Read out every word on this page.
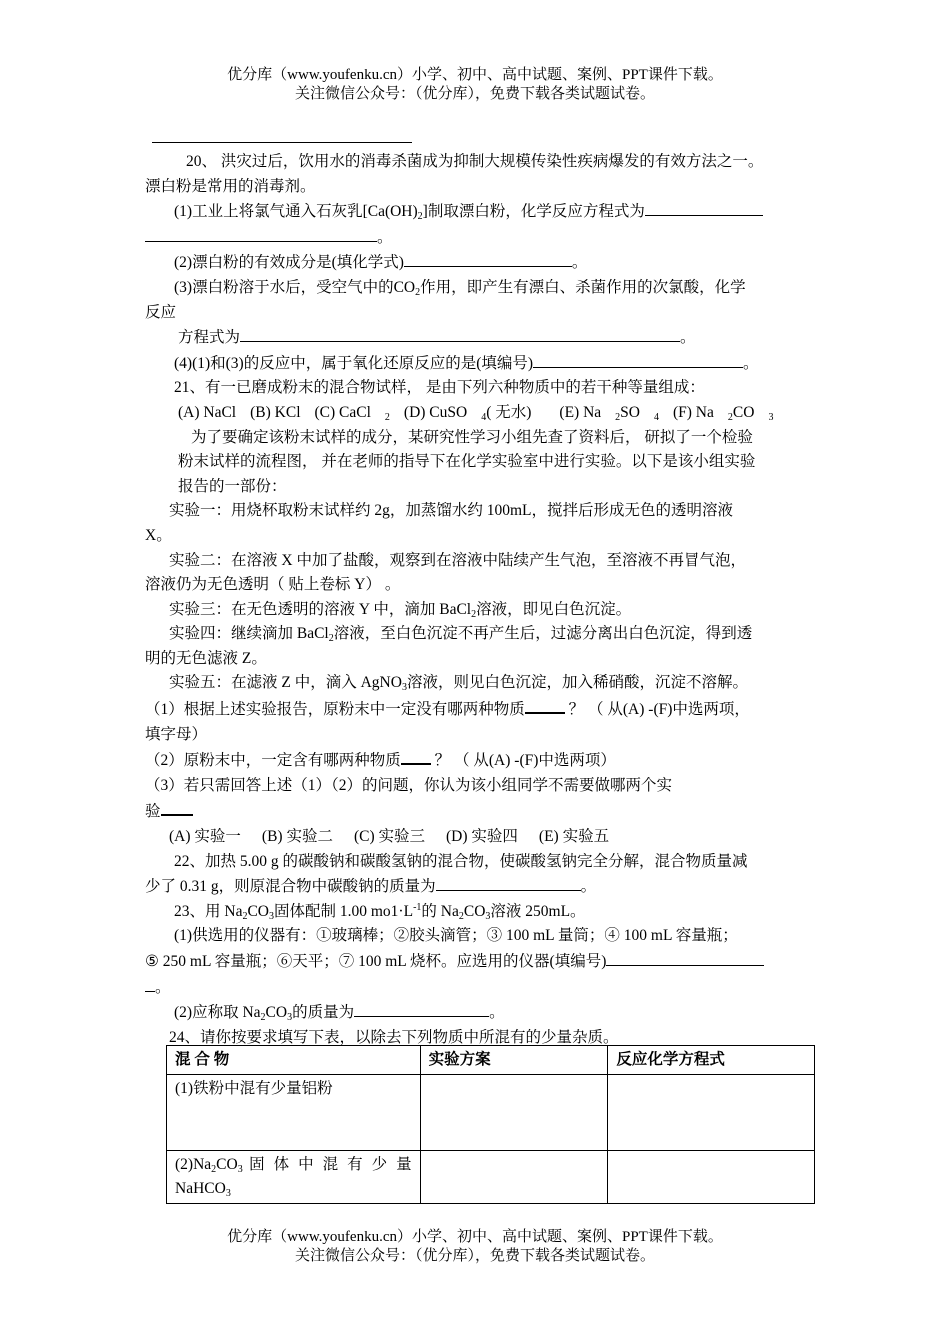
优分库（www.youfenku.cn）小学、初中、高中试题、案例、PPT课件下载。
关注微信公众号：（优分库），免费下载各类试题试卷。

20、 洪灾过后，饮用水的消毒杀菌成为抑制大规模传染性疾病爆发的有效方法之一。

漂白粉是常用的消毒剂。

(1)工业上将氯气通入石灰乳$[Ca(OH)_2]$制取漂白粉，化学反应方程式为

。

(2)漂白粉的有效成分是(填化学式)	。

(3)漂白粉溶于水后，受空气中的$CO_2$作用，即产生有漂白、杀菌作用的次氯酸，化学

反应

方程式为	。

(4)(1)和(3)的反应中，属于氧化还原反应的是(填编号)	。

21、有一已磨成粉末的混合物试样， 是由下列六种物质中的若干种等量组成：

(A) NaCl (B) KCl (C) CaCl $_2$ (D) CuSO $_4$( 无水) (E) Na $_2$SO $_4$ (F) Na $_2$CO $_3$

为了要确定该粉末试样的成分，某研究性学习小组先查了资料后， 研拟了一个检验

粉末试样的流程图， 并在老师的指导下在化学实验室中进行实验。以下是该小组实验

报告的一部份：

实验一：用烧杯取粉末试样约 2g，加蒸馏水约 100mL，搅拌后形成无色的透明溶液

X。

实验二：在溶液 X 中加了盐酸，观察到在溶液中陆续产生气泡，至溶液不再冒气泡，

溶液仍为无色透明（ 贴上卷标 Y） 。

实验三：在无色透明的溶液 Y 中，滴加 BaCl$_2$溶液，即见白色沉淀。

实验四：继续滴加 BaCl$_2$溶液，至白色沉淀不再产生后，过滤分离出白色沉淀，得到透

明的无色滤液 Z。

实验五：在滤液 Z 中，滴入 AgNO$_3$溶液，则见白色沉淀，加入稀硝酸，沉淀不溶解。

（1）根据上述实验报告，原粉末中一定没有哪两种物质	？ （ 从(A) -(F)中选两项，

填字母）

（2）原粉末中，一定含有哪两种物质 ？ （ 从(A) -(F)中选两项）

（3）若只需回答上述（1）（2）的问题，你认为该小组同学不需要做哪两个实

验

(A) 实验一 (B) 实验二 (C) 实验三 (D) 实验四 (E) 实验五

22、加热 5.00 g 的碳酸钠和碳酸氢钠的混合物，使碳酸氢钠完全分解，混合物质量减

少了 0.31 g，则原混合物中碳酸钠的质量为	。

23、用 $Na_2CO_3$固体配制 1.00 $mo1\cdot L^{-1}$的 $Na_2CO_3$溶液 250mL。

(1)供选用的仪器有：①玻璃棒；②胶头滴管；③ 100 mL 量筒；④ 100 mL 容量瓶；

⑤ 250 mL 容量瓶；⑥天平；⑦ 100 mL 烧杯。应选用的仪器(填编号)

。

(2)应称取 $Na_2CO_3$的质量为	。

24、请你按要求填写下表，以除去下列物质中所混有的少量杂质。

混 合 物	实验方案	反应化学方程式
(1)铁粉中混有少量铝粉		

$(2)Na_2CO_3$ 固 体 中 混 有 少 量
NaHCO$_3$

优分库（www.youfenku.cn）小学、初中、高中试题、案例、PPT课件下载。
关注微信公众号：（优分库），免费下载各类试题试卷。
